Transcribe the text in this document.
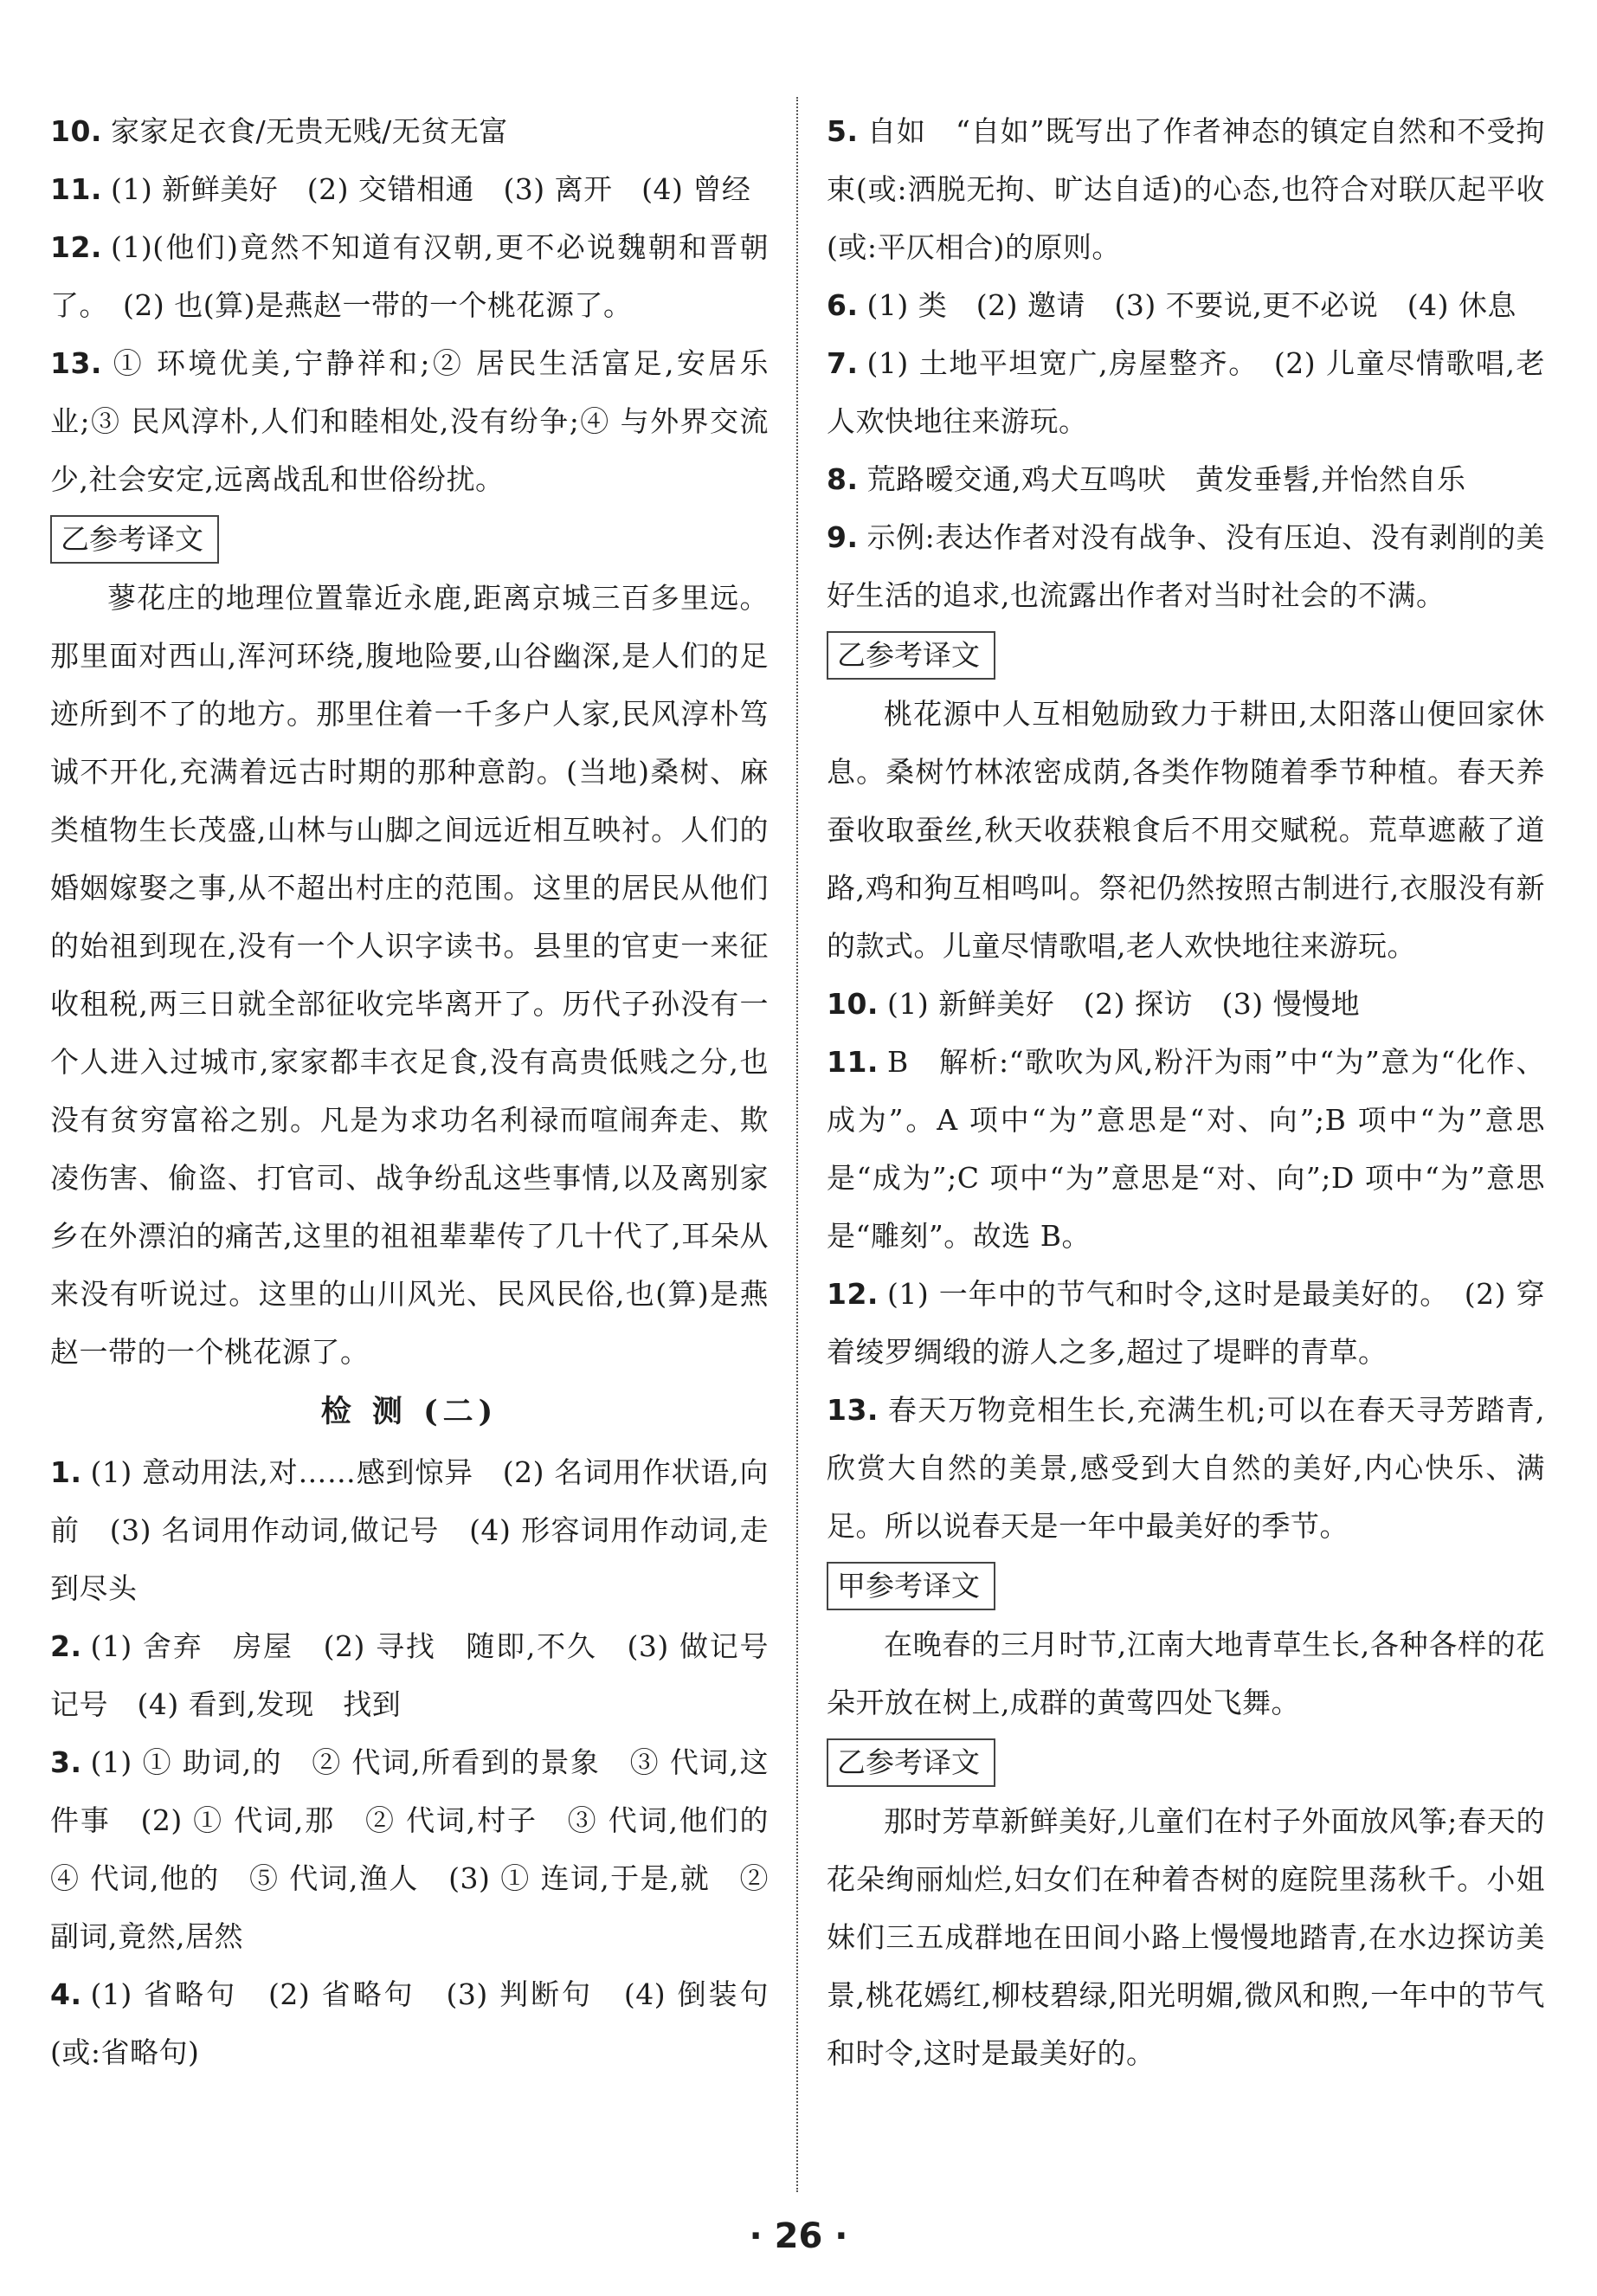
10. 家家足衣食/无贵无贱/无贫无富

11. (1) 新鲜美好　(2) 交错相通　(3) 离开　(4) 曾经

12. (1)(他们)竟然不知道有汉朝,更不必说魏朝和晋朝了。　(2) 也(算)是燕赵一带的一个桃花源了。

13. ① 环境优美,宁静祥和;② 居民生活富足,安居乐业;③ 民风淳朴,人们和睦相处,没有纷争;④ 与外界交流少,社会安定,远离战乱和世俗纷扰。

乙参考译文

蓼花庄的地理位置靠近永鹿,距离京城三百多里远。那里面对西山,浑河环绕,腹地险要,山谷幽深,是人们的足迹所到不了的地方。那里住着一千多户人家,民风淳朴笃诚不开化,充满着远古时期的那种意韵。(当地)桑树、麻类植物生长茂盛,山林与山脚之间远近相互映衬。人们的婚姻嫁娶之事,从不超出村庄的范围。这里的居民从他们的始祖到现在,没有一个人识字读书。县里的官吏一来征收租税,两三日就全部征收完毕离开了。历代子孙没有一个人进入过城市,家家都丰衣足食,没有高贵低贱之分,也没有贫穷富裕之别。凡是为求功名利禄而喧闹奔走、欺凌伤害、偷盗、打官司、战争纷乱这些事情,以及离别家乡在外漂泊的痛苦,这里的祖祖辈辈传了几十代了,耳朵从来没有听说过。这里的山川风光、民风民俗,也(算)是燕赵一带的一个桃花源了。

检 测 (二)

1. (1) 意动用法,对……感到惊异　(2) 名词用作状语,向前　(3) 名词用作动词,做记号　(4) 形容词用作动词,走到尽头

2. (1) 舍弃　房屋　(2) 寻找　随即,不久　(3) 做记号　记号　(4) 看到,发现　找到

3. (1) ① 助词,的　② 代词,所看到的景象　③ 代词,这件事　(2) ① 代词,那　② 代词,村子　③ 代词,他们的　④ 代词,他的　⑤ 代词,渔人　(3) ① 连词,于是,就　② 副词,竟然,居然

4. (1) 省略句　(2) 省略句　(3) 判断句　(4) 倒装句(或:省略句)

5. 自如　“自如”既写出了作者神态的镇定自然和不受拘束(或:洒脱无拘、旷达自适)的心态,也符合对联仄起平收(或:平仄相合)的原则。

6. (1) 类　(2) 邀请　(3) 不要说,更不必说　(4) 休息

7. (1) 土地平坦宽广,房屋整齐。　(2) 儿童尽情歌唱,老人欢快地往来游玩。

8. 荒路暧交通,鸡犬互鸣吠　黄发垂髫,并怡然自乐

9. 示例:表达作者对没有战争、没有压迫、没有剥削的美好生活的追求,也流露出作者对当时社会的不满。

乙参考译文

桃花源中人互相勉励致力于耕田,太阳落山便回家休息。桑树竹林浓密成荫,各类作物随着季节种植。春天养蚕收取蚕丝,秋天收获粮食后不用交赋税。荒草遮蔽了道路,鸡和狗互相鸣叫。祭祀仍然按照古制进行,衣服没有新的款式。儿童尽情歌唱,老人欢快地往来游玩。

10. (1) 新鲜美好　(2) 探访　(3) 慢慢地

11. B　解析:“歌吹为风,粉汗为雨”中“为”意为“化作、成为”。A 项中“为”意思是“对、向”;B 项中“为”意思是“成为”;C 项中“为”意思是“对、向”;D 项中“为”意思是“雕刻”。故选 B。

12. (1) 一年中的节气和时令,这时是最美好的。　(2) 穿着绫罗绸缎的游人之多,超过了堤畔的青草。

13. 春天万物竞相生长,充满生机;可以在春天寻芳踏青,欣赏大自然的美景,感受到大自然的美好,内心快乐、满足。所以说春天是一年中最美好的季节。

甲参考译文

在晚春的三月时节,江南大地青草生长,各种各样的花朵开放在树上,成群的黄莺四处飞舞。

乙参考译文

那时芳草新鲜美好,儿童们在村子外面放风筝;春天的花朵绚丽灿烂,妇女们在种着杏树的庭院里荡秋千。小姐妹们三五成群地在田间小路上慢慢地踏青,在水边探访美景,桃花嫣红,柳枝碧绿,阳光明媚,微风和煦,一年中的节气和时令,这时是最美好的。

· 26 ·
